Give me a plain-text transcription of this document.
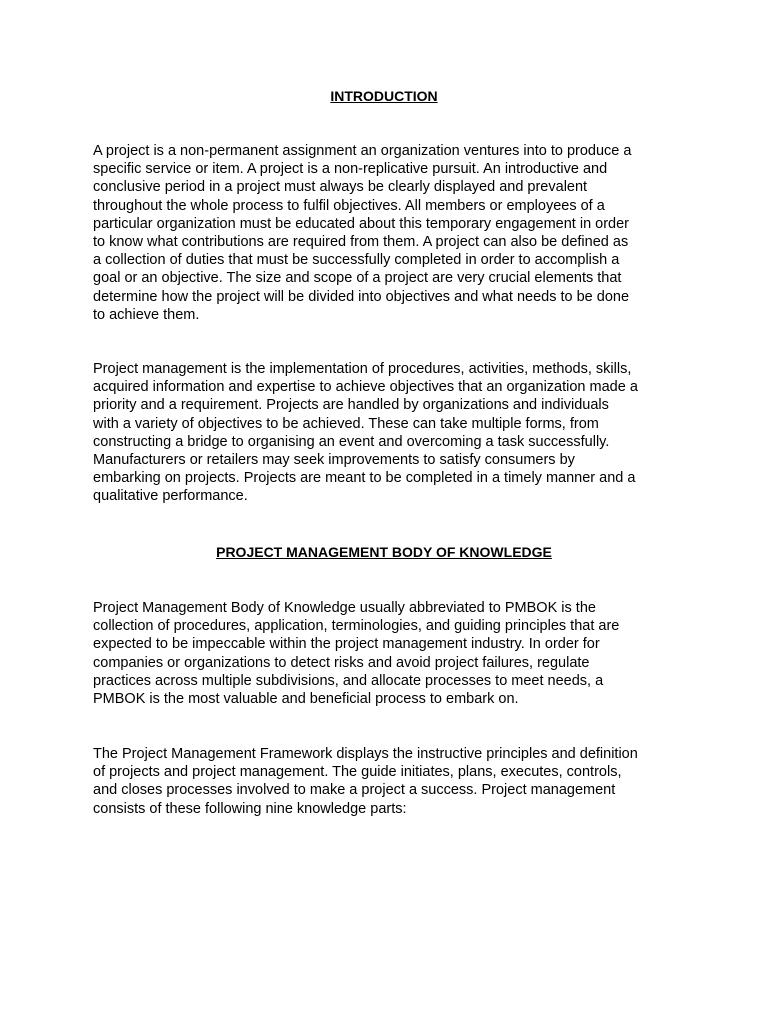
INTRODUCTION
A project is a non-permanent assignment an organization ventures into to produce a
specific service or item. A project is a non-replicative pursuit. An introductive and
conclusive period in a project must always be clearly displayed and prevalent
throughout the whole process to fulfil objectives. All members or employees of a
particular organization must be educated about this temporary engagement in order
to know what contributions are required from them. A project can also be defined as
a collection of duties that must be successfully completed in order to accomplish a
goal or an objective. The size and scope of a project are very crucial elements that
determine how the project will be divided into objectives and what needs to be done
to achieve them.
Project management is the implementation of procedures, activities, methods, skills,
acquired information and expertise to achieve objectives that an organization made a
priority and a requirement. Projects are handled by organizations and individuals
with a variety of objectives to be achieved. These can take multiple forms, from
constructing a bridge to organising an event and overcoming a task successfully.
Manufacturers or retailers may seek improvements to satisfy consumers by
embarking on projects. Projects are meant to be completed in a timely manner and a
qualitative performance.
PROJECT MANAGEMENT BODY OF KNOWLEDGE
Project Management Body of Knowledge usually abbreviated to PMBOK is the
collection of procedures, application, terminologies, and guiding principles that are
expected to be impeccable within the project management industry. In order for
companies or organizations to detect risks and avoid project failures, regulate
practices across multiple subdivisions, and allocate processes to meet needs, a
PMBOK is the most valuable and beneficial process to embark on.
The Project Management Framework displays the instructive principles and definition
of projects and project management. The guide initiates, plans, executes, controls,
and closes processes involved to make a project a success. Project management
consists of these following nine knowledge parts:
